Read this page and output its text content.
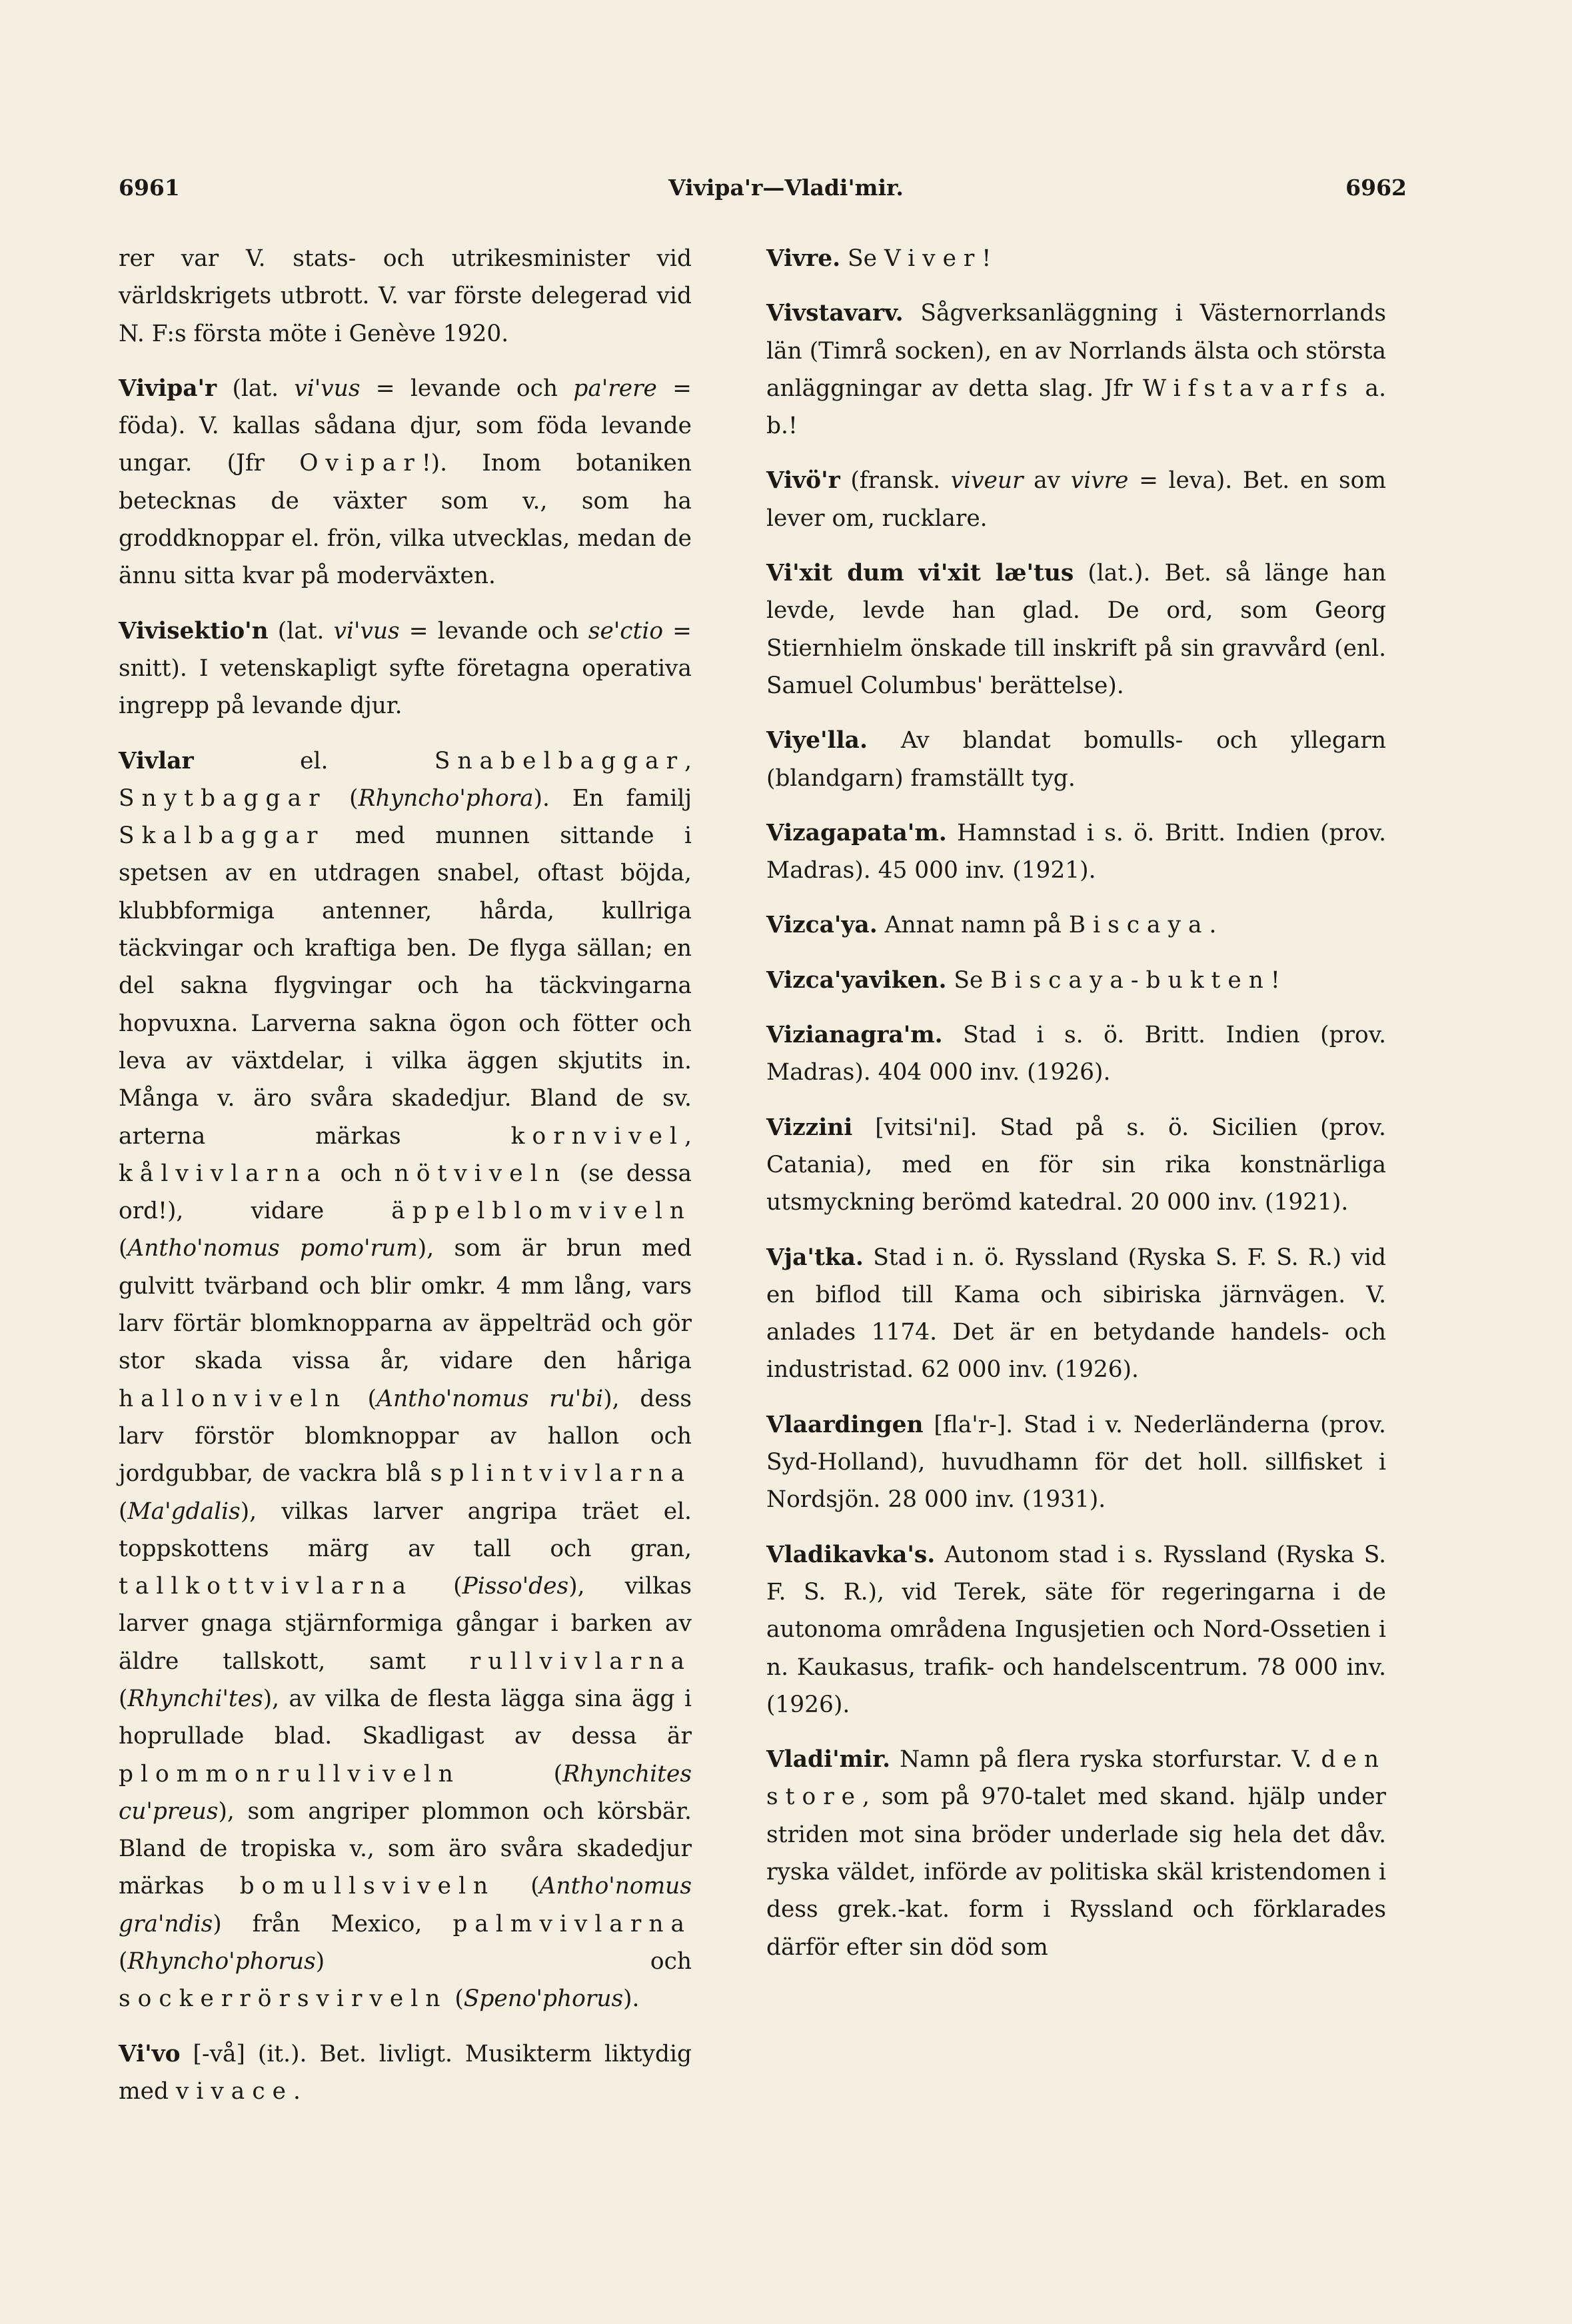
6961	Vivipa'r—Vladi'mir.	6962

rer var V. stats- och utrikesminister vid världskrigets utbrott. V. var förste delegerad vid N. F:s första möte i Genève 1920.

Vivipa'r (lat. vi'vus = levande och pa'rere = föda). V. kallas sådana djur, som föda levande ungar. (Jfr Ovipar!). Inom botaniken betecknas de växter som v., som ha groddknoppar el. frön, vilka utvecklas, medan de ännu sitta kvar på moderväxten.

Vivisektio'n (lat. vi'vus = levande och se'ctio = snitt). I vetenskapligt syfte företagna operativa ingrepp på levande djur.

Vivlar el. Snabelbaggar, Snytbaggar (Rhyncho'phora). En familj Skalbaggar med munnen sittande i spetsen av en utdragen snabel, oftast böjda, klubbformiga antenner, hårda, kullriga täckvingar och kraftiga ben. De flyga sällan; en del sakna flygvingar och ha täckvingarna hopvuxna. Larverna sakna ögon och fötter och leva av växtdelar, i vilka äggen skjutits in. Många v. äro svåra skadedjur. Bland de sv. arterna märkas kornvivel, kålvivlarna och nötviveln (se dessa ord!), vidare äppelblomviveln (Antho'nomus pomo'rum), som är brun med gulvitt tvärband och blir omkr. 4 mm lång, vars larv förtär blomknopparna av äppelträd och gör stor skada vissa år, vidare den håriga hallonviveln (Antho'nomus ru'bi), dess larv förstör blomknoppar av hallon och jordgubbar, de vackra blå splintvivlarna (Ma'gdalis), vilkas larver angripa träet el. toppskottens märg av tall och gran, tallkottvivlarna (Pisso'des), vilkas larver gnaga stjärnformiga gångar i barken av äldre tallskott, samt rullvivlarna (Rhynchi'tes), av vilka de flesta lägga sina ägg i hoprullade blad. Skadligast av dessa är plommonrullviveln (Rhynchites cu'preus), som angriper plommon och körsbär. Bland de tropiska v., som äro svåra skadedjur märkas bomullsviveln (Antho'nomus gra'ndis) från Mexico, palmvivlarna (Rhyncho'phorus) och sockerrörsvirveln (Speno'phorus).

Vi'vo [-vå] (it.). Bet. livligt. Musikterm liktydig med vivace.

Vivre. Se Viver!

Vivstavarv. Sågverksanläggning i Västernorrlands län (Timrå socken), en av Norrlands älsta och största anläggningar av detta slag. Jfr Wifstavarfs a. b.!

Vivö'r (fransk. viveur av vivre = leva). Bet. en som lever om, rucklare.

Vi'xit dum vi'xit læ'tus (lat.). Bet. så länge han levde, levde han glad. De ord, som Georg Stiernhielm önskade till inskrift på sin gravvård (enl. Samuel Columbus' berättelse).

Viye'lla. Av blandat bomulls- och yllegarn (blandgarn) framställt tyg.

Vizagapata'm. Hamnstad i s. ö. Britt. Indien (prov. Madras). 45 000 inv. (1921).

Vizca'ya. Annat namn på Biscaya.

Vizca'yaviken. Se Biscaya-bukten!

Vizianagra'm. Stad i s. ö. Britt. Indien (prov. Madras). 404 000 inv. (1926).

Vizzini [vitsi'ni]. Stad på s. ö. Sicilien (prov. Catania), med en för sin rika konstnärliga utsmyckning berömd katedral. 20 000 inv. (1921).

Vja'tka. Stad i n. ö. Ryssland (Ryska S. F. S. R.) vid en biflod till Kama och sibiriska järnvägen. V. anlades 1174. Det är en betydande handels- och industristad. 62 000 inv. (1926).

Vlaardingen [fla'r-]. Stad i v. Nederländerna (prov. Syd-Holland), huvudhamn för det holl. sillfisket i Nordsjön. 28 000 inv. (1931).

Vladikavka's. Autonom stad i s. Ryssland (Ryska S. F. S. R.), vid Terek, säte för regeringarna i de autonoma områdena Ingusjetien och Nord-Ossetien i n. Kaukasus, trafik- och handelscentrum. 78 000 inv. (1926).

Vladi'mir. Namn på flera ryska storfurstar. V. den store, som på 970-talet med skand. hjälp under striden mot sina bröder underlade sig hela det dåv. ryska väldet, införde av politiska skäl kristendomen i dess grek.-kat. form i Ryssland och förklarades därför efter sin död som
